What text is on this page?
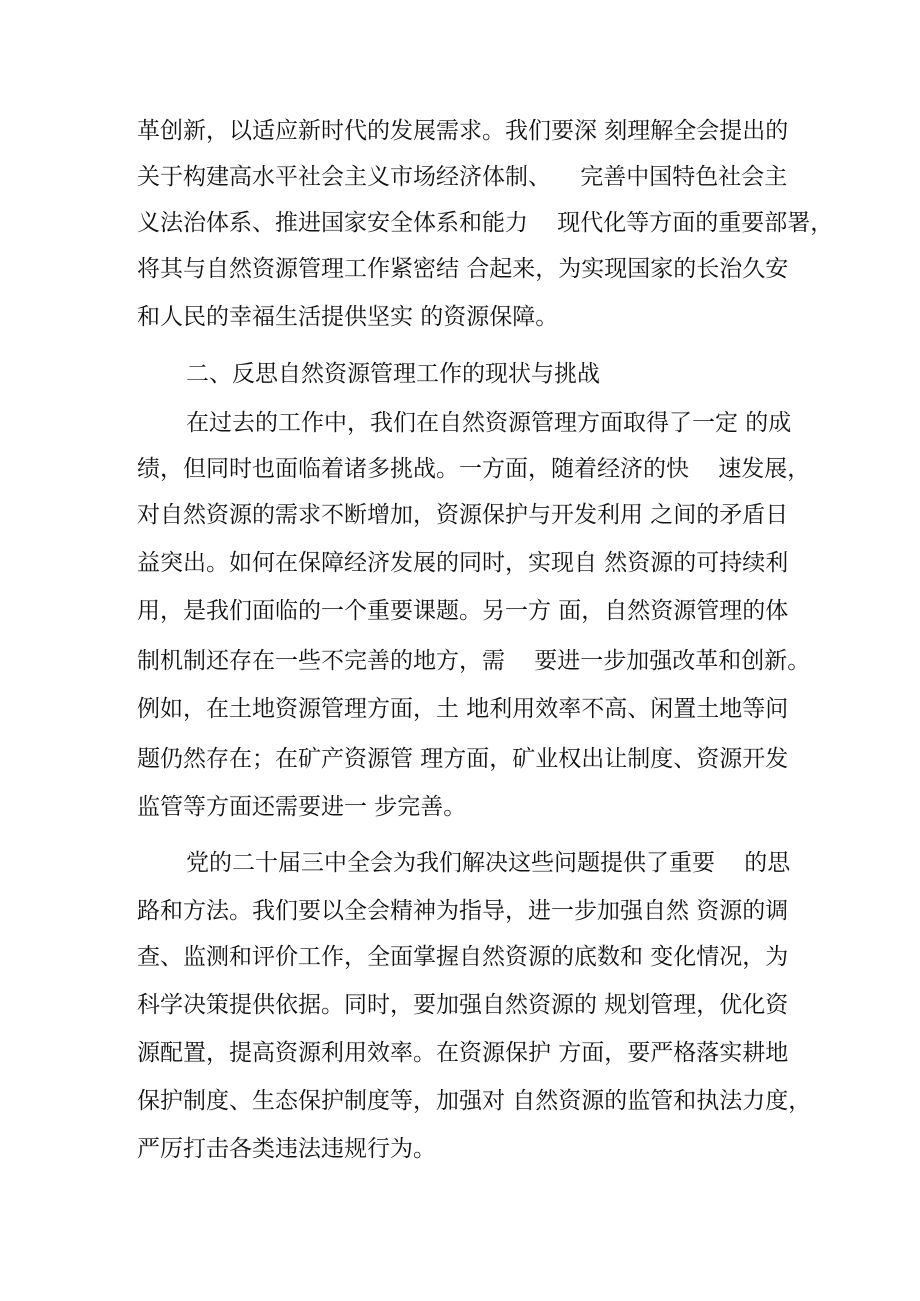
革创新，以适应新时代的发展需求。我们要深 刻理解全会提出的
关于构建高水平社会主义市场经济体制、    完善中国特色社会主
义法治体系、推进国家安全体系和能力    现代化等方面的重要部署，
将其与自然资源管理工作紧密结 合起来，为实现国家的长治久安
和人民的幸福生活提供坚实 的资源保障。
二、反思自然资源管理工作的现状与挑战
在过去的工作中，我们在自然资源管理方面取得了一定 的成
绩，但同时也面临着诸多挑战。一方面，随着经济的快    速发展，
对自然资源的需求不断增加，资源保护与开发利用 之间的矛盾日
益突出。如何在保障经济发展的同时，实现自 然资源的可持续利
用，是我们面临的一个重要课题。另一方 面，自然资源管理的体
制机制还存在一些不完善的地方，需    要进一步加强改革和创新。
例如，在土地资源管理方面，土 地利用效率不高、闲置土地等问
题仍然存在；在矿产资源管 理方面，矿业权出让制度、资源开发
监管等方面还需要进一 步完善。
党的二十届三中全会为我们解决这些问题提供了重要    的思
路和方法。我们要以全会精神为指导，进一步加强自然 资源的调
查、监测和评价工作，全面掌握自然资源的底数和 变化情况，为
科学决策提供依据。同时，要加强自然资源的 规划管理，优化资
源配置，提高资源利用效率。在资源保护 方面，要严格落实耕地
保护制度、生态保护制度等，加强对 自然资源的监管和执法力度，
严厉打击各类违法违规行为。
